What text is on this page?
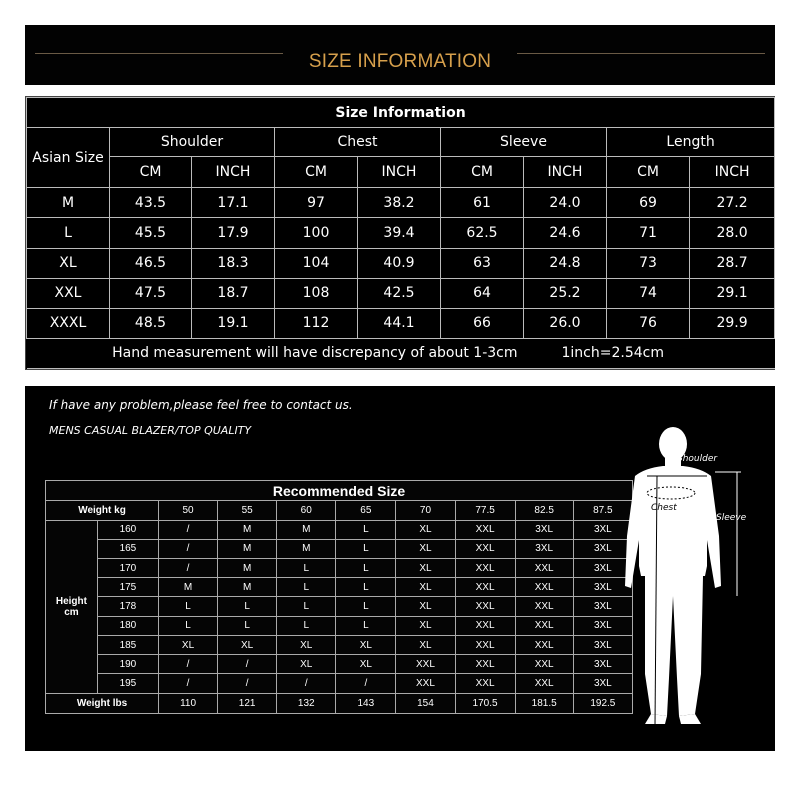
SIZE INFORMATION
Size Information								
Asian Size	Shoulder		Chest		Sleeve		Length	
	CM	INCH	CM	INCH	CM	INCH	CM	INCH
M	43.5	17.1	97	38.2	61	24.0	69	27.2
L	45.5	17.9	100	39.4	62.5	24.6	71	28.0
XL	46.5	18.3	104	40.9	63	24.8	73	28.7
XXL	47.5	18.7	108	42.5	64	25.2	74	29.1
XXXL	48.5	19.1	112	44.1	66	26.0	76	29.9
Hand measurement will have discrepancy of about 1-3cm						1inch=2.54cm		
If have any problem,please feel free to contact us.
MENS CASUAL BLAZER/TOP QUALITY
Recommended Size									
Weight kg		50	55	60	65	70	77.5	82.5	87.5

Height
cm	160	/	M	M	L	XL	XXL	3XL	3XL
	165	/	M	M	L	XL	XXL	3XL	3XL
	170	/	M	L	L	XL	XXL	XXL	3XL
	175	M	M	L	L	XL	XXL	XXL	3XL
	178	L	L	L	L	XL	XXL	XXL	3XL
	180	L	L	L	L	XL	XXL	XXL	3XL
	185	XL	XL	XL	XL	XL	XXL	XXL	3XL
	190	/	/	XL	XL	XXL	XXL	XXL	3XL
	195	/	/	/	/	XXL	XXL	XXL	3XL
Weight lbs		110	121	132	143	154	170.5	181.5	192.5
Shoulder
Chest
Sleeve
